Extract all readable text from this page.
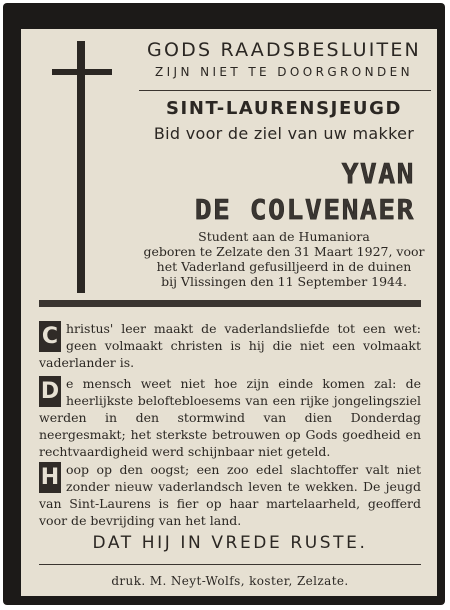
GODS RAADSBESLUITEN
ZIJN NIET TE DOORGRONDEN
SINT-LAURENSJEUGD
Bid voor de ziel van uw makker
YVAN
DE COLVENAER
Student aan de Humaniora
geboren te Zelzate den 31 Maart 1927, voor
het Vaderland gefusilljeerd in de duinen
bij Vlissingen den 11 September 1944.
C hristus' leer maakt de vaderlandsliefde tot een wet: geen volmaakt christen is hij die niet een volmaakt vaderlander is.
D e mensch weet niet hoe zijn einde komen zal: de heerlijkste beloftebloesems van een rijke jongelingsziel werden in den stormwind van dien Donderdag neergesmakt; het sterkste betrouwen op Gods goedheid en rechtvaardigheid werd schijnbaar niet geteld.
H oop op den oogst; een zoo edel slachtoffer valt niet zonder nieuw vaderlandsch leven te wekken. De jeugd van Sint-Laurens is fier op haar martelaarheld, geofferd voor de bevrijding van het land.
DAT HIJ IN VREDE RUSTE.
druk. M. Neyt-Wolfs, koster, Zelzate.
